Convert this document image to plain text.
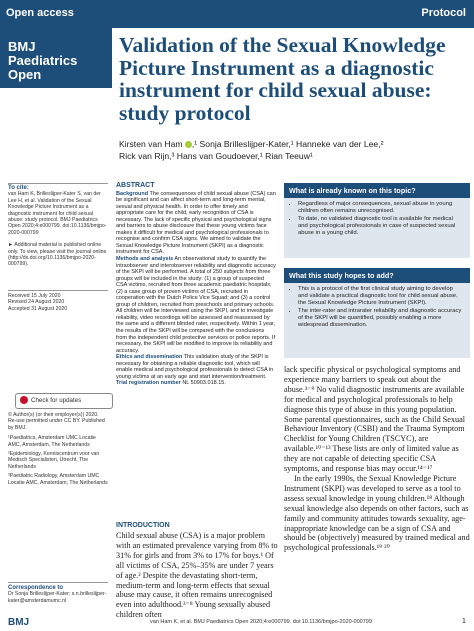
Open access	Protocol
BMJ
Paediatrics
Open
Validation of the Sexual Knowledge Picture Instrument as a diagnostic instrument for child sexual abuse: study protocol
Kirsten van Ham ,¹ Sonja Brilleslijper-Kater,¹ Hanneke van der Lee,²
Rick van Rijn,³ Hans van Goudoever,¹ Rian Teeuw¹
To cite:
van Ham K, Brilleslijper-Kater S, van der Lee H, et al. Validation of the Sexual Knowledge Picture Instrument as a diagnostic instrument for child sexual abuse: study protocol. BMJ Paediatrics Open 2020;4:e000799. doi:10.1136/bmjpo-2020-000799
► Additional material is published online only. To view, please visit the journal online (http://dx.doi.org/10.1136/bmjpo-2020-000799).
Received 15 July 2020
Revised 24 August 2020
Accepted 31 August 2020
Check for updates
© Author(s) (or their employer(s)) 2020. Re-use permitted under CC BY. Published by BMJ.
¹Paediatrics, Amsterdam UMC Locatie AMC, Amsterdam, The Netherlands
²Epidemiology, Kenniscentrum voor van Medisch Specialisten, Utrecht, The Netherlands
³Paediatric Radiology, Amsterdam UMC Locatie AMC, Amsterdam, The Netherlands
Correspondence to
Dr Sonja Brilleslijper-Kater; s.n.brilleslijper-kater@amsterdamumc.nl
ABSTRACT
Background The consequences of child sexual abuse (CSA) can be significant and can affect short-term and long-term mental, sexual and physical health. In order to offer timely and appropriate care for the child, early recognition of CSA is necessary. The lack of specific physical and psychological signs and barriers to abuse disclosure that these young victims face makes it difficult for medical and psychological professionals to recognise and confirm CSA signs. We aimed to validate the Sexual Knowledge Picture Instrument (SKPI) as a diagnostic instrument for CSA.
Methods and analysis An observational study to quantify the intraobserver and interobserver reliability and diagnostic accuracy of the SKPI will be performed. A total of 250 subjects from three groups will be included in the study: (1) a group of suspected CSA victims, recruited from three academic paediatric hospitals; (2) a case group of proven victims of CSA, recruited in cooperation with the Dutch Police Vice Squad; and (3) a control group of children, recruited from preschools and primary schools. All children will be interviewed using the SKPI, and to investigate reliability, video recordings will be assessed and reassessed by the same and a different blinded rater, respectively. Within 1 year, the results of the SKPI will be compared with the conclusions from the independent child protective services or police reports. If necessary, the SKPI will be modified to improve its reliability and accuracy.
Ethics and dissemination This validation study of the SKPI is necessary for obtaining a reliable diagnostic tool, which will enable medical and psychological professionals to detect CSA in young victims at an early age and start intervention/treatment.
Trial registration number NL 50903.018.15.
What is already known on this topic?
• Regardless of major consequences, sexual abuse in young children often remains unrecognised.
• To date, no validated diagnostic tool is available for medical and psychological professionals in case of suspected sexual abuse in a young child.
What this study hopes to add?
• This is a protocol of the first clinical study aiming to develop and validate a practical diagnostic tool for child sexual abuse, the Sexual Knowledge Picture Instrument (SKPI).
• The inter-rater and intrarater reliability and diagnostic accuracy of the SKPI will be quantified, possibly enabling a more widespread dissemination.
INTRODUCTION
Child sexual abuse (CSA) is a major problem with an estimated prevalence varying from 8% to 31% for girls and from 3% to 17% for boys.¹ Of all victims of CSA, 25%–35% are under 7 years of age.² Despite the devastating short-term, medium-term and long-term effects that sexual abuse may cause, it often remains unrecognised even into adulthood.³⁻⁸ Young sexually abused children often
lack specific physical or psychological symptoms and experience many barriers to speak out about the abuse.³⁻⁹ No valid diagnostic instruments are available for medical and psychological professionals to help diagnose this type of abuse in this young population. Some parental questionnaires, such as the Child Sexual Behaviour Inventory (CSBI) and the Trauma Symptom Checklist for Young Children (TSCYC), are available.¹⁰⁻¹³ These lists are only of limited value as they are not capable of detecting specific CSA symptoms, and response bias may occur.¹⁴⁻¹⁷
In the early 1990s, the Sexual Knowledge Picture Instrument (SKPI) was developed to serve as a tool to assess sexual knowledge in young children.¹⁸ Although sexual knowledge also depends on other factors, such as family and community attitudes towards sexuality, age-inappropriate knowledge can be a sign of CSA and should be (objectively) measured by trained medical and psychological professionals.¹⁹ ²⁰
BMJ	van Ham K, et al. BMJ Paediatrics Open 2020;4:e000799. doi:10.1136/bmjpo-2020-000799	1
